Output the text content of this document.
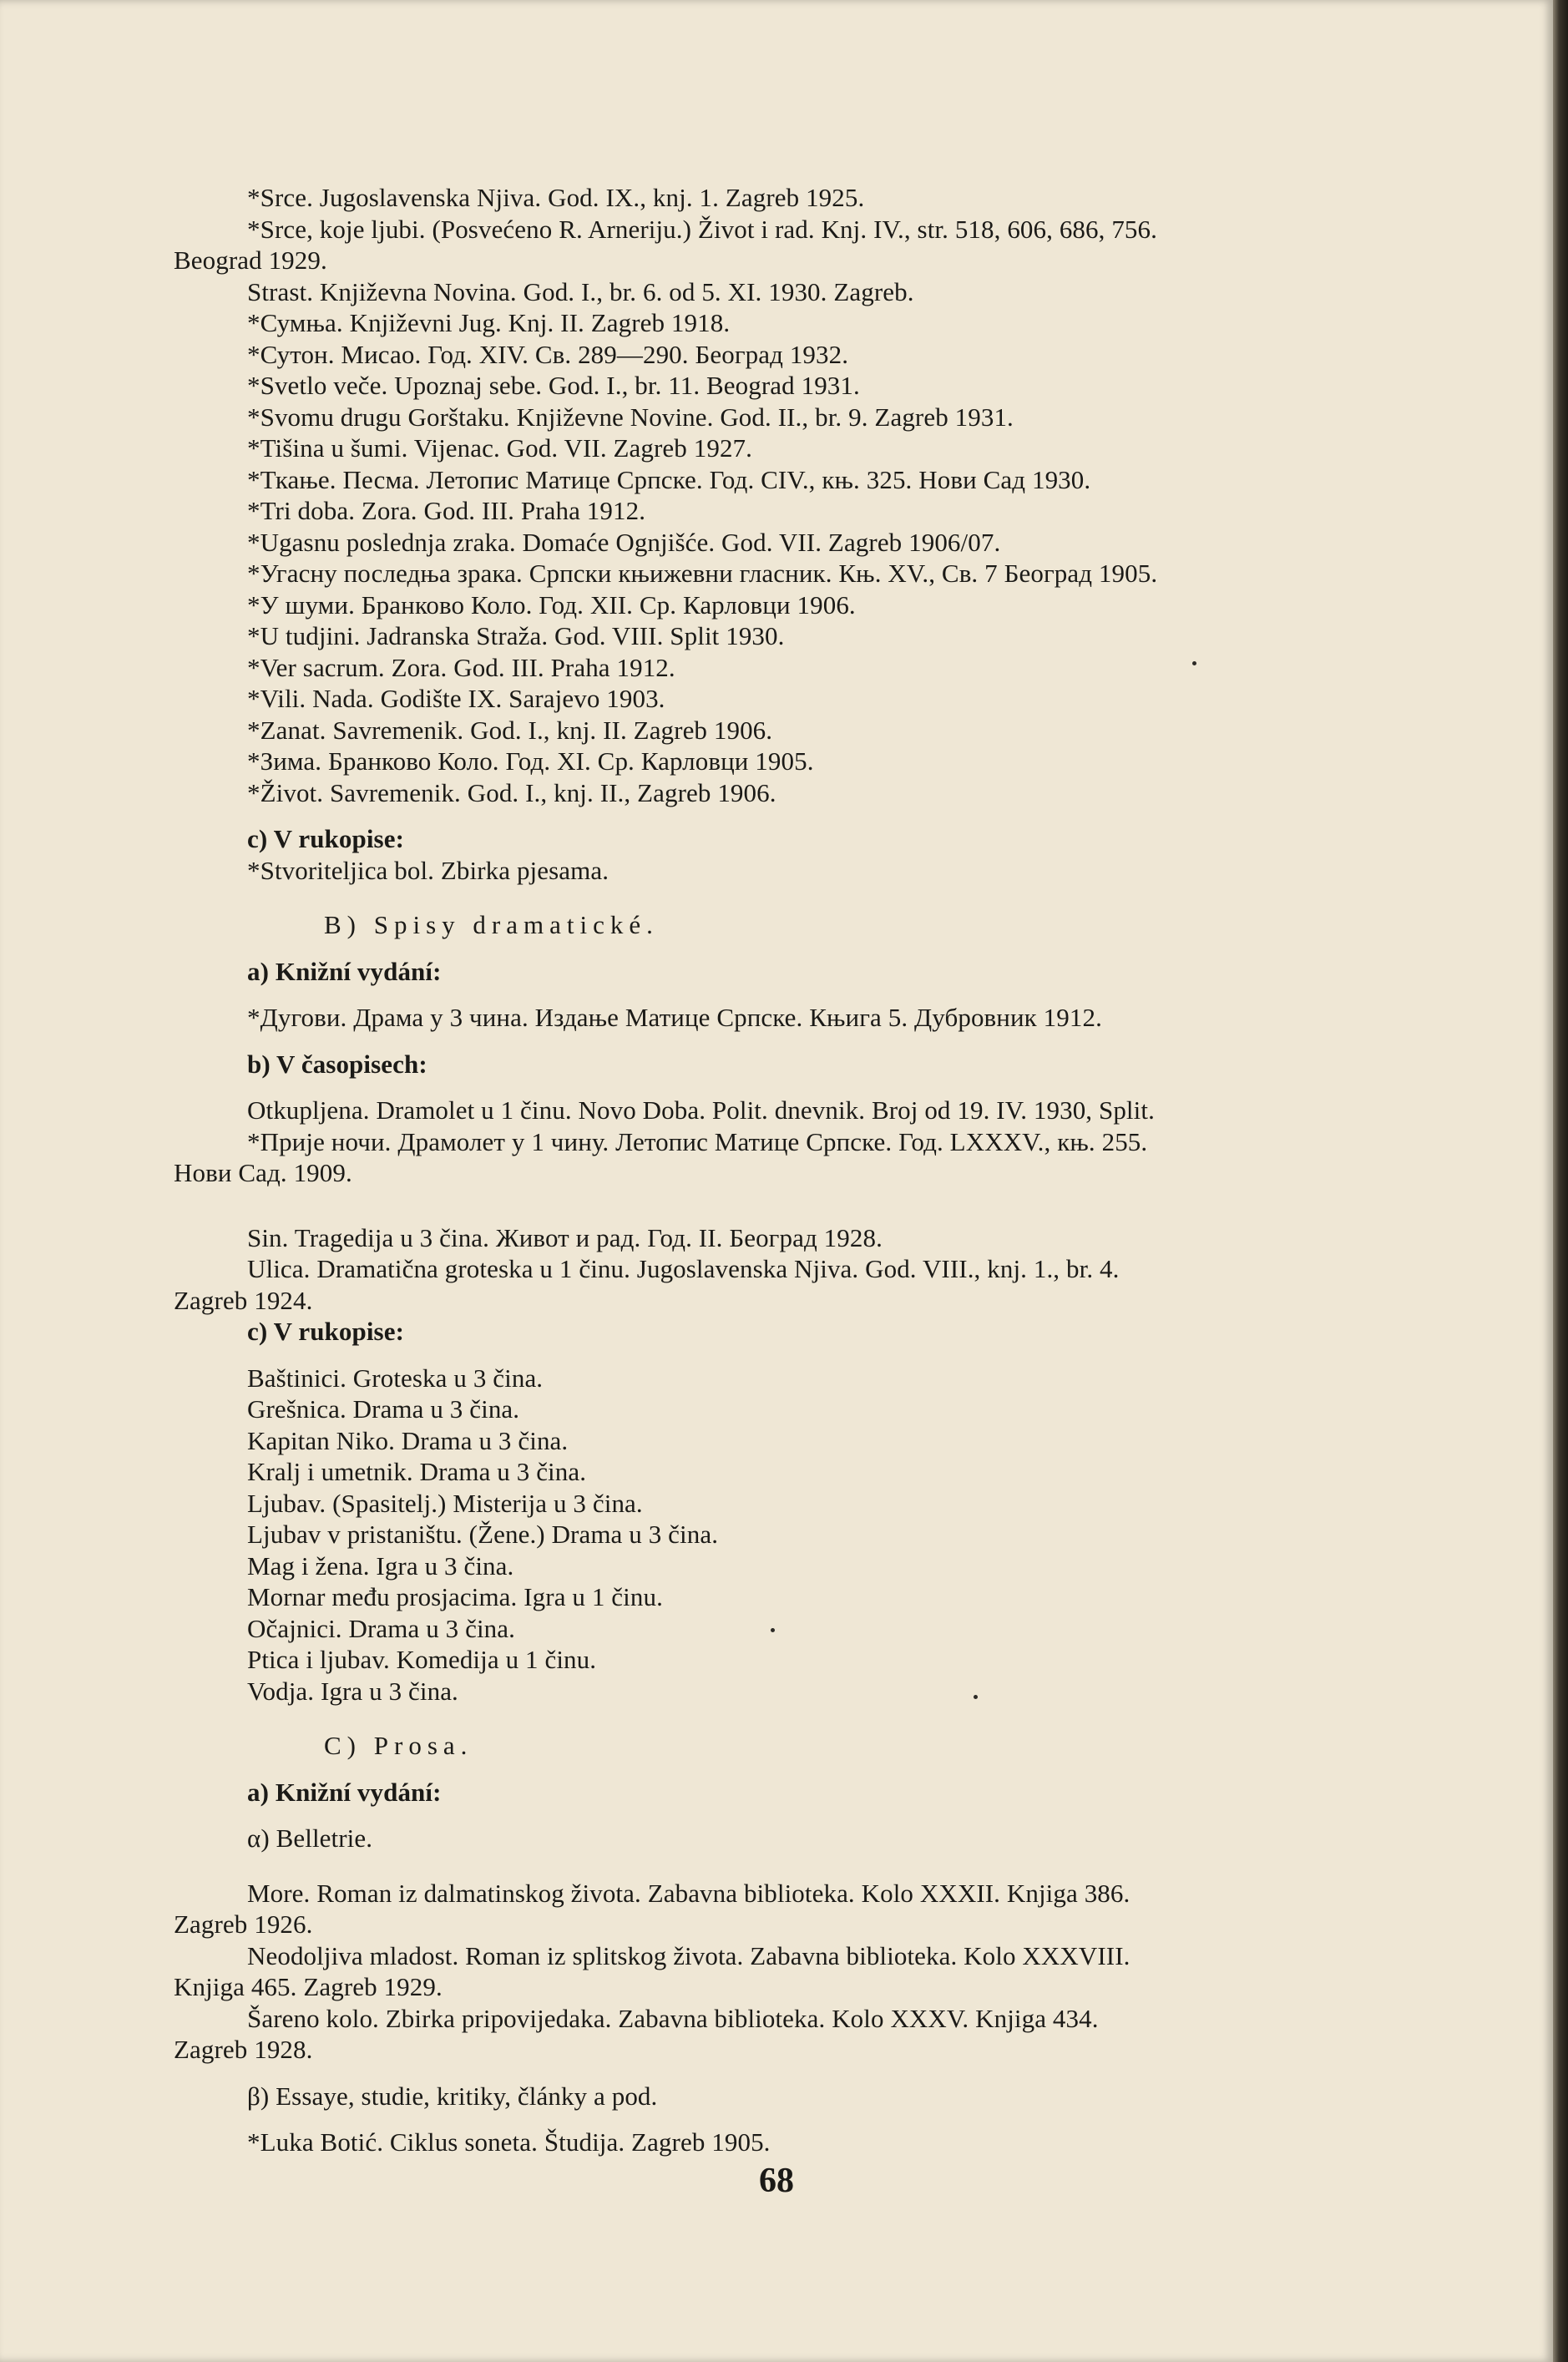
*Srce. Jugoslavenska Njiva. God. IX., knj. 1. Zagreb 1925.
*Srce, koje ljubi. (Posvećeno R. Arneriju.) Život i rad. Knj. IV., str. 518, 606, 686, 756.
Beograd 1929.
Strast. Književna Novina. God. I., br. 6. od 5. XI. 1930. Zagreb.
*Сумња. Književni Jug. Knj. II. Zagreb 1918.
*Сутон. Мисао. Год. XIV. Св. 289—290. Београд 1932.
*Svetlo veče. Upoznaj sebe. God. I., br. 11. Beograd 1931.
*Svomu drugu Gorštaku. Književne Novine. God. II., br. 9. Zagreb 1931.
*Tišina u šumi. Vijenac. God. VII. Zagreb 1927.
*Ткање. Песма. Летопис Матице Српске. Год. CIV., књ. 325. Нови Сад 1930.
*Tri doba. Zora. God. III. Praha 1912.
*Ugasnu poslednja zraka. Domaće Ognjišće. God. VII. Zagreb 1906/07.
*Угасну последња зрака. Српски књижевни гласник. Књ. XV., Св. 7 Београд 1905.
*У шуми. Бранково Коло. Год. XII. Ср. Карловци 1906.
*U tudjini. Jadranska Straža. God. VIII. Split 1930.
*Ver sacrum. Zora. God. III. Praha 1912.
*Vili. Nada. Godište IX. Sarajevo 1903.
*Zanat. Savremenik. God. I., knj. II. Zagreb 1906.
*Зима. Бранково Коло. Год. XI. Ср. Карловци 1905.
*Život. Savremenik. God. I., knj. II., Zagreb 1906.
c) V rukopise:
*Stvoriteljica bol. Zbirka pjesama.
B) Spisy dramatické.
a) Knižní vydání:
*Дугови. Драма у 3 чина. Издање Матице Српске. Књига 5. Дубровник 1912.
b) V časopisech:
Otkupljena. Dramolet u 1 činu. Novo Doba. Polit. dnevnik. Broj od 19. IV. 1930, Split.
*Прије ночи. Драмолет у 1 чину. Летопис Матице Српске. Год. LXXXV., књ. 255.
Нови Сад. 1909.
Sin. Tragedija u 3 čina. Живот и рад. Год. II. Београд 1928.
Ulica. Dramatična groteska u 1 činu. Jugoslavenska Njiva. God. VIII., knj. 1., br. 4.
Zagreb 1924.
c) V rukopise:
Baštinici. Groteska u 3 čina.
Grešnica. Drama u 3 čina.
Kapitan Niko. Drama u 3 čina.
Kralj i umetnik. Drama u 3 čina.
Ljubav. (Spasitelj.) Misterija u 3 čina.
Ljubav v pristaništu. (Žene.) Drama u 3 čina.
Mag i žena. Igra u 3 čina.
Mornar među prosjacima. Igra u 1 činu.
Očajnici. Drama u 3 čina.
Ptica i ljubav. Komedija u 1 činu.
Vodja. Igra u 3 čina.
C) Prosa.
a) Knižní vydání:
α) Belletrie.
More. Roman iz dalmatinskog života. Zabavna biblioteka. Kolo XXXII. Knjiga 386.
Zagreb 1926.
Neodoljiva mladost. Roman iz splitskog života. Zabavna biblioteka. Kolo XXXVIII.
Knjiga 465. Zagreb 1929.
Šareno kolo. Zbirka pripovijedaka. Zabavna biblioteka. Kolo XXXV. Knjiga 434.
Zagreb 1928.
β) Essaye, studie, kritiky, články a pod.
*Luka Botić. Ciklus soneta. Študija. Zagreb 1905.
68
